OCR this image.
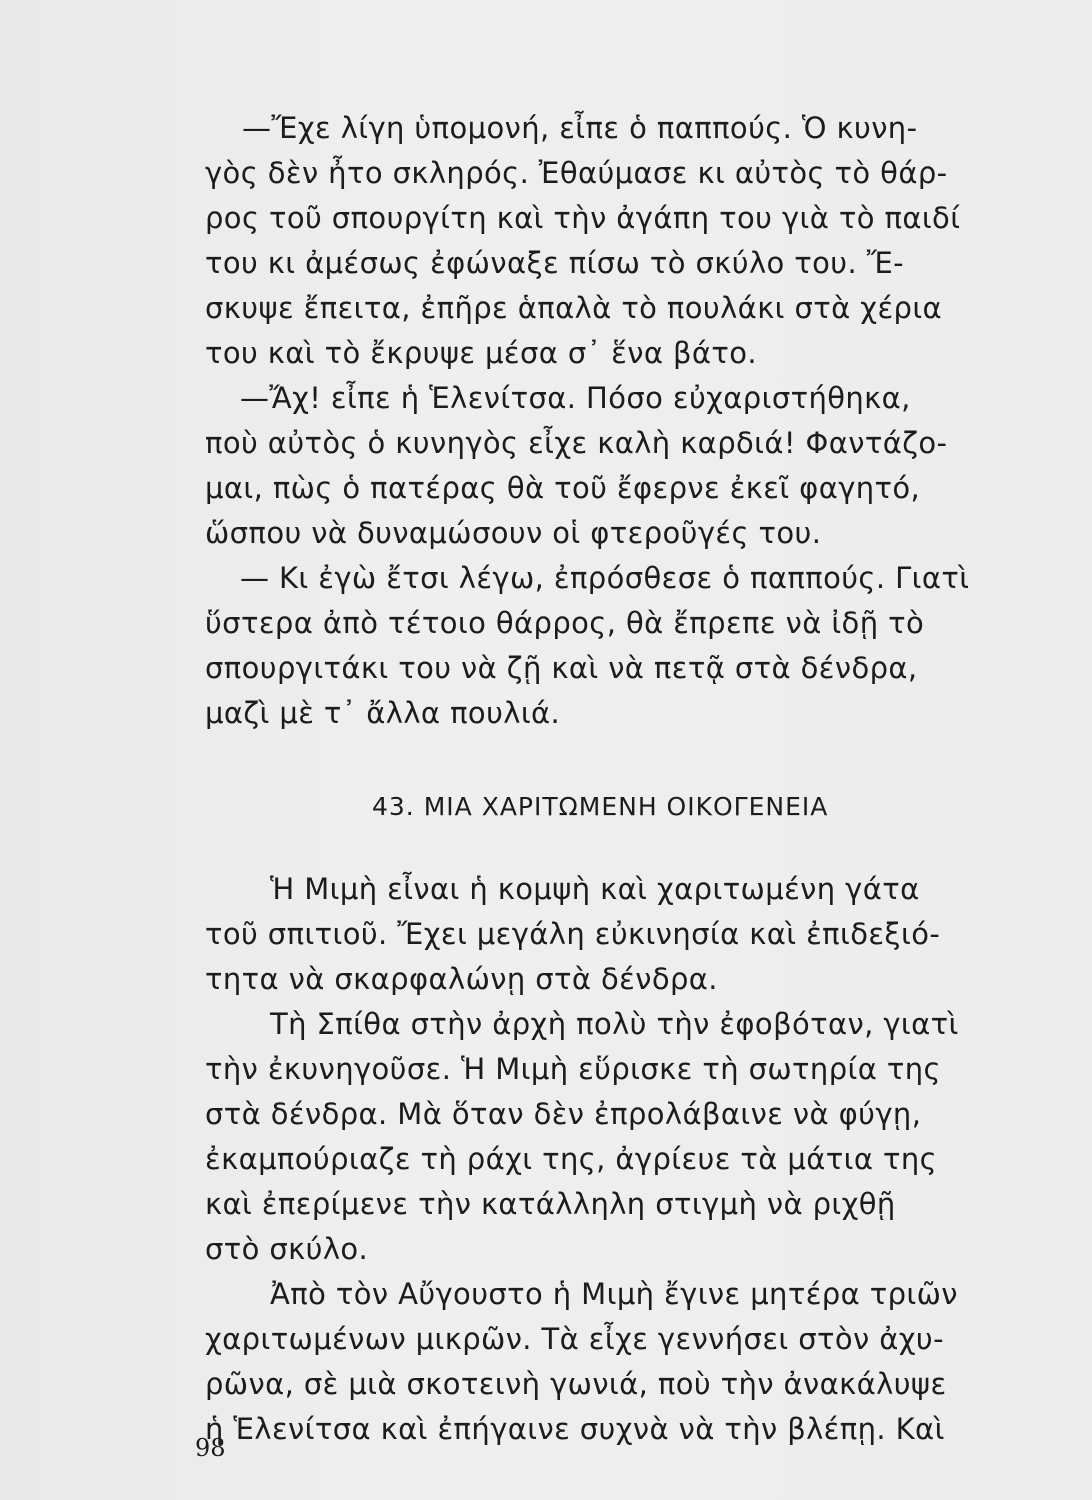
—Ἔχε λίγη ὑπομονή, εἶπε ὁ παππούς. Ὁ κυνη-
γὸς δὲν ἦτο σκληρός. Ἐθαύμασε κι αὐτὸς τὸ θάρ-
ρος τοῦ σπουργίτη καὶ τὴν ἀγάπη του γιὰ τὸ παιδί
του κι ἀμέσως ἐφώναξε πίσω τὸ σκύλο του. Ἔ-
σκυψε ἔπειτα, ἐπῆρε ἁπαλὰ τὸ πουλάκι στὰ χέρια
του καὶ τὸ ἔκρυψε μέσα σ᾽ ἕνα βάτο.
—Ἄχ! εἶπε ἡ Ἑλενίτσα. Πόσο εὐχαριστήθηκα,
ποὺ αὐτὸς ὁ κυνηγὸς εἶχε καλὴ καρδιά! Φαντάζο-
μαι, πὼς ὁ πατέρας θὰ τοῦ ἔφερνε ἐκεῖ φαγητό,
ὥσπου νὰ δυναμώσουν οἱ φτεροῦγές του.
— Κι ἐγὼ ἔτσι λέγω, ἐπρόσθεσε ὁ παππούς. Γιατὶ
ὕστερα ἀπὸ τέτοιο θάρρος, θὰ ἔπρεπε νὰ ἰδῇ τὸ
σπουργιτάκι του νὰ ζῇ καὶ νὰ πετᾷ στὰ δένδρα,
μαζὶ μὲ τ᾽ ἄλλα πουλιά.
43. ΜΙΑ ΧΑΡΙΤΩΜΕΝΗ ΟΙΚΟΓΕΝΕΙΑ
Ἡ Μιμὴ εἶναι ἡ κομψὴ καὶ χαριτωμένη γάτα
τοῦ σπιτιοῦ. Ἔχει μεγάλη εὐκινησία καὶ ἐπιδεξιό-
τητα νὰ σκαρφαλώνῃ στὰ δένδρα.
Τὴ Σπίθα στὴν ἀρχὴ πολὺ τὴν ἐφοβόταν, γιατὶ
τὴν ἐκυνηγοῦσε. Ἡ Μιμὴ εὕρισκε τὴ σωτηρία της
στὰ δένδρα. Μὰ ὅταν δὲν ἐπρολάβαινε νὰ φύγῃ,
ἐκαμπούριαζε τὴ ράχι της, ἀγρίευε τὰ μάτια της
καὶ ἐπερίμενε τὴν κατάλληλη στιγμὴ νὰ ριχθῇ
στὸ σκύλο.
Ἀπὸ τὸν Αὔγουστο ἡ Μιμὴ ἔγινε μητέρα τριῶν
χαριτωμένων μικρῶν. Τὰ εἶχε γεννήσει στὸν ἀχυ-
ρῶνα, σὲ μιὰ σκοτεινὴ γωνιά, ποὺ τὴν ἀνακάλυψε
ἡ Ἑλενίτσα καὶ ἐπήγαινε συχνὰ νὰ τὴν βλέπῃ. Καὶ
98
